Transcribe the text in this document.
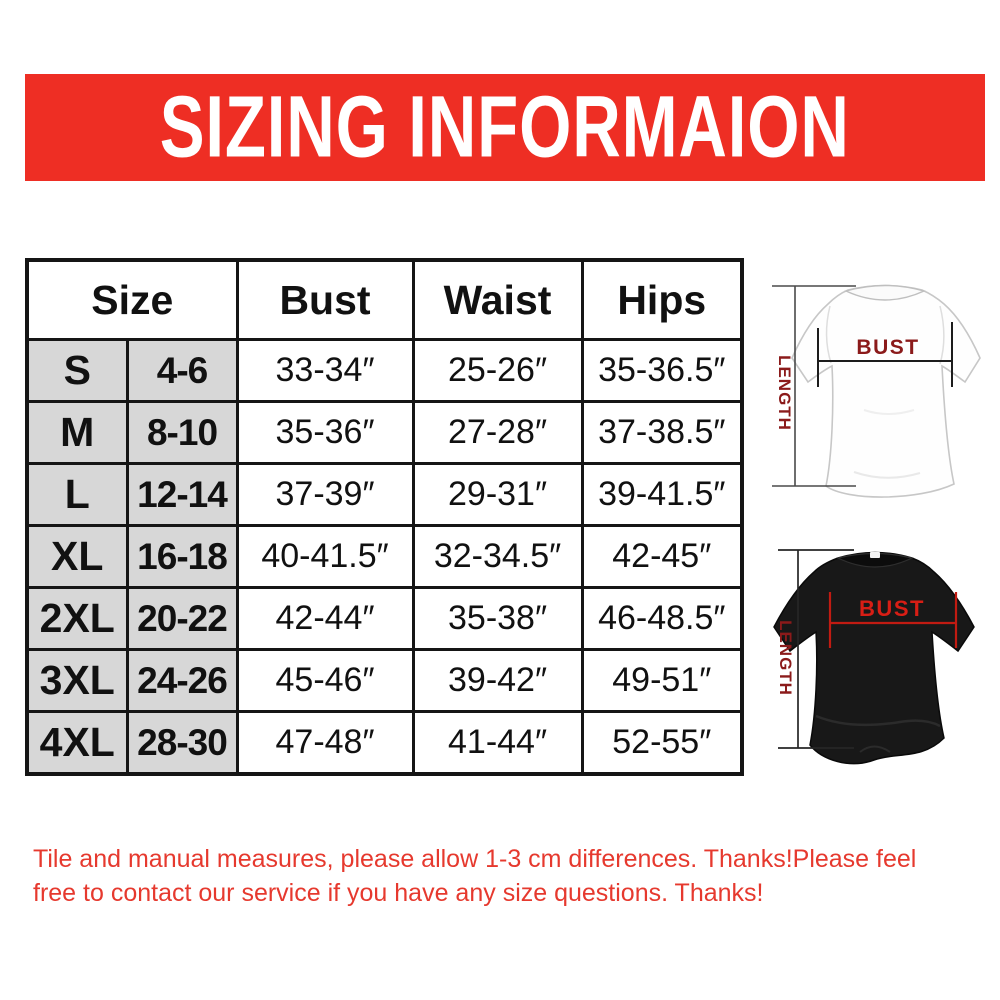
SIZING INFORMAION
Size		Bust	Waist	Hips
S	4-6	33-34″	25-26″	35-36.5″
M	8-10	35-36″	27-28″	37-38.5″
L	12-14	37-39″	29-31″	39-41.5″
XL	16-18	40-41.5″	32-34.5″	42-45″
2XL	20-22	42-44″	35-38″	46-48.5″
3XL	24-26	45-46″	39-42″	49-51″
4XL	28-30	47-48″	41-44″	52-55″
LENGTH
BUST
LENGTH
BUST
Tile and manual measures, please allow 1-3 cm differences. Thanks!Please feel
free to contact our service if you have any size questions. Thanks!
